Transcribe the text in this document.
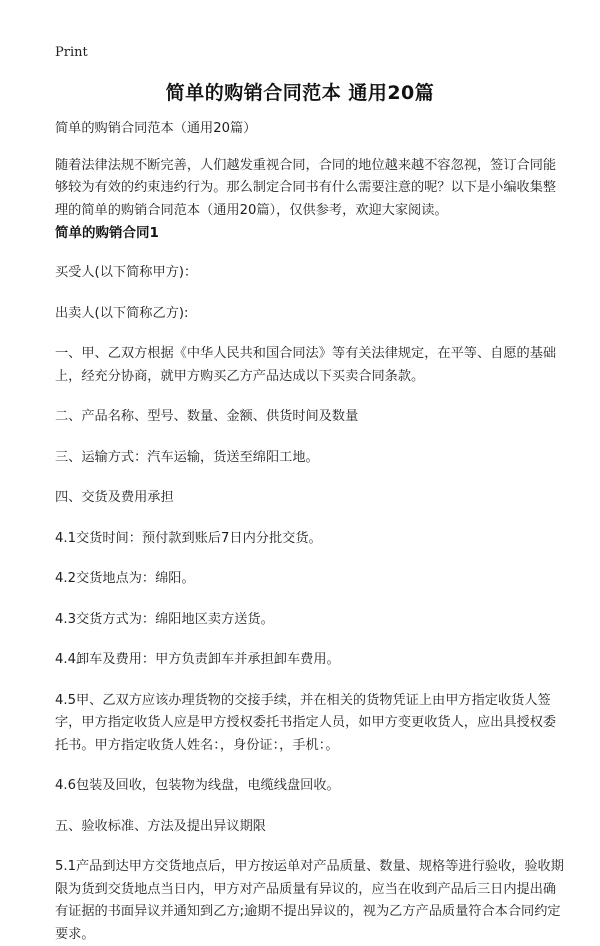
Print
简单的购销合同范本 通用20篇

简单的购销合同范本（通用20篇）

随着法律法规不断完善，人们越发重视合同，合同的地位越来越不容忽视，签订合同能够较为有效的约束违约行为。那么制定合同书有什么需要注意的呢？以下是小编收集整理的简单的购销合同范本（通用20篇），仅供参考，欢迎大家阅读。

简单的购销合同1

买受人(以下简称甲方)：

出卖人(以下简称乙方):

一、甲、乙双方根据《中华人民共和国合同法》等有关法律规定，在平等、自愿的基础上，经充分协商，就甲方购买乙方产品达成以下买卖合同条款。

二、产品名称、型号、数量、金额、供货时间及数量

三、运输方式：汽车运输，货送至绵阳工地。

四、交货及费用承担

4.1交货时间：预付款到账后7日内分批交货。

4.2交货地点为：绵阳。

4.3交货方式为：绵阳地区卖方送货。

4.4卸车及费用：甲方负责卸车并承担卸车费用。

4.5甲、乙双方应该办理货物的交接手续，并在相关的货物凭证上由甲方指定收货人签字，甲方指定收货人应是甲方授权委托书指定人员，如甲方变更收货人，应出具授权委托书。甲方指定收货人姓名：，身份证：，手机：。

4.6包装及回收，包装物为线盘，电缆线盘回收。

五、验收标准、方法及提出异议期限

5.1产品到达甲方交货地点后，甲方按运单对产品质量、数量、规格等进行验收，验收期限为货到交货地点当日内，甲方对产品质量有异议的，应当在收到产品后三日内提出确有证据的书面异议并通知到乙方;逾期不提出异议的，视为乙方产品质量符合本合同约定要求。
